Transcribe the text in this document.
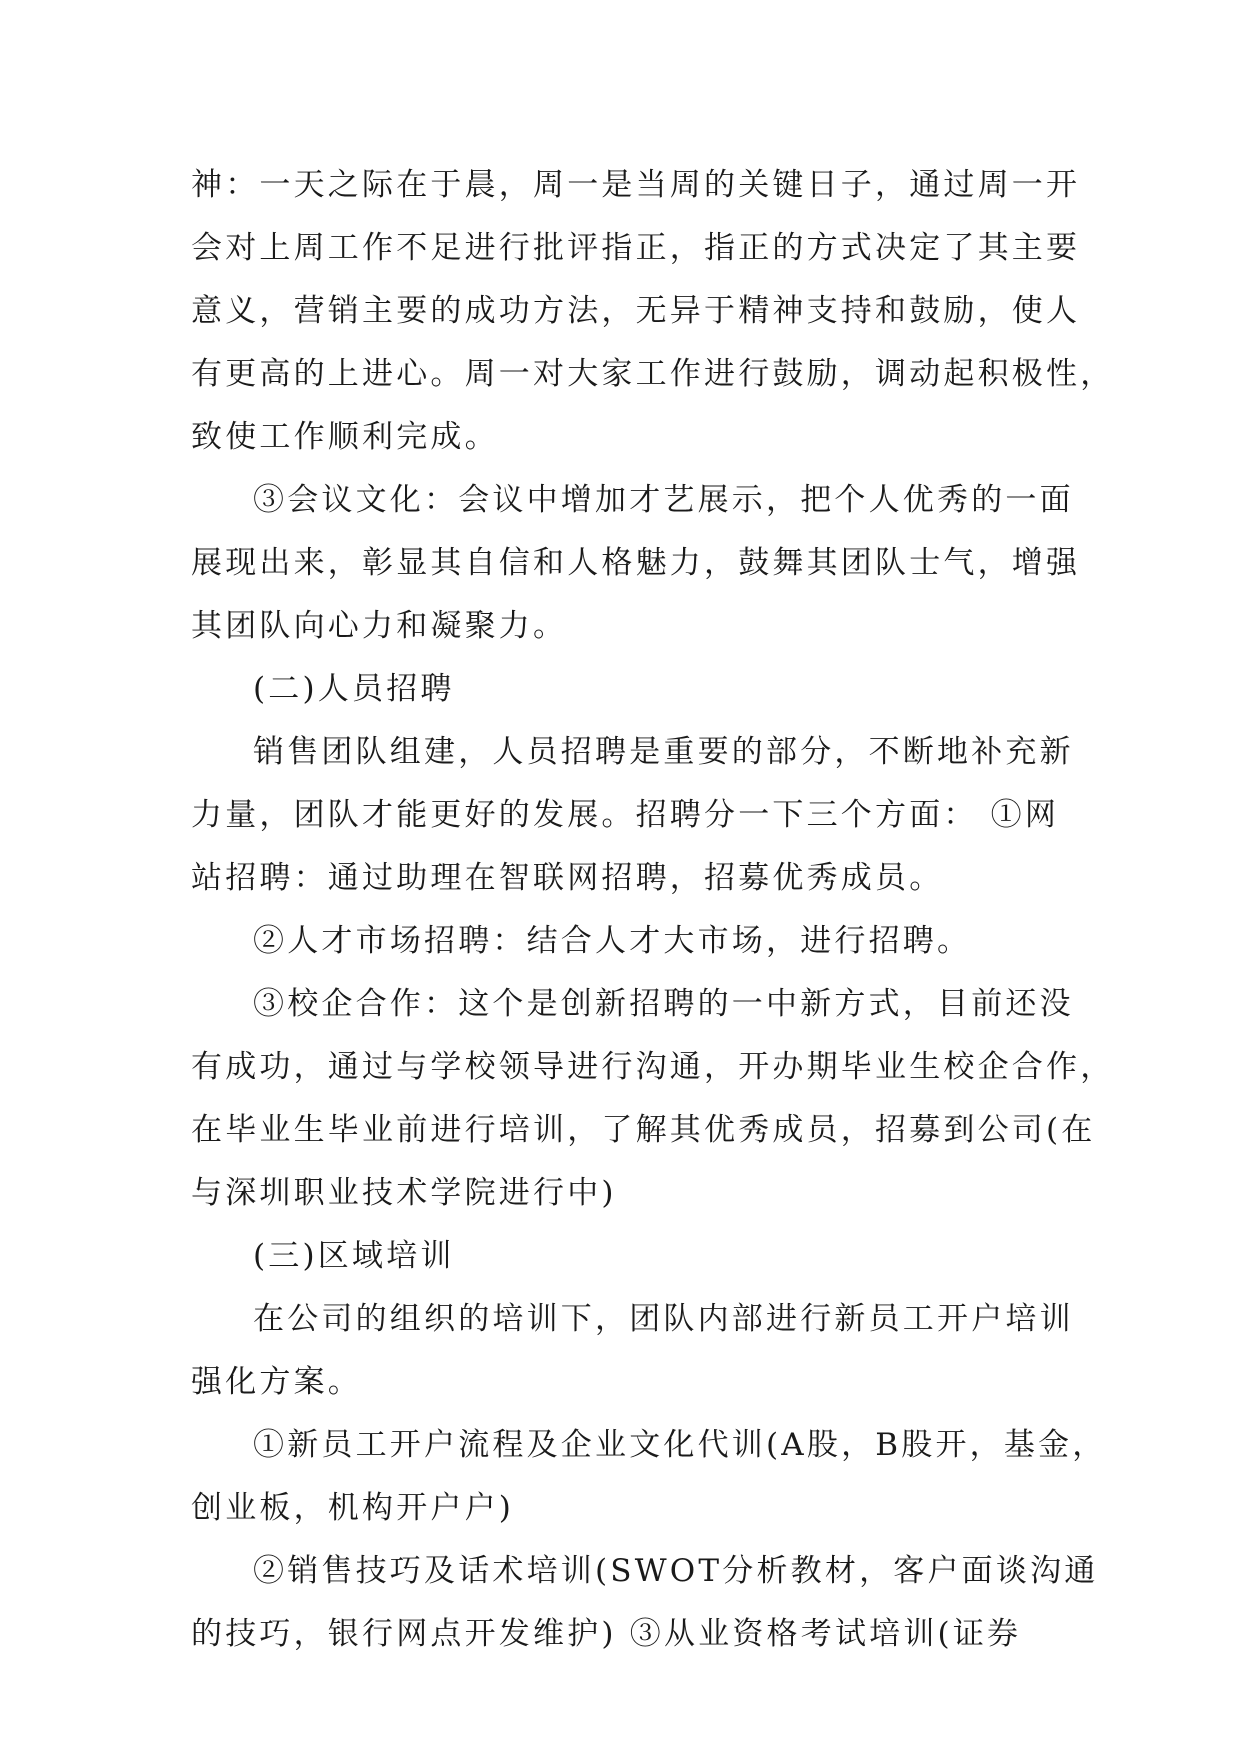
神：一天之际在于晨，周一是当周的关键日子，通过周一开
会对上周工作不足进行批评指正，指正的方式决定了其主要
意义，营销主要的成功方法，无异于精神支持和鼓励，使人
有更高的上进心。周一对大家工作进行鼓励，调动起积极性，
致使工作顺利完成。
③会议文化：会议中增加才艺展示，把个人优秀的一面
展现出来，彰显其自信和人格魅力，鼓舞其团队士气，增强
其团队向心力和凝聚力。
(二)人员招聘
销售团队组建，人员招聘是重要的部分，不断地补充新
力量，团队才能更好的发展。招聘分一下三个方面： ①网
站招聘：通过助理在智联网招聘，招募优秀成员。
②人才市场招聘：结合人才大市场，进行招聘。
③校企合作：这个是创新招聘的一中新方式，目前还没
有成功，通过与学校领导进行沟通，开办期毕业生校企合作，
在毕业生毕业前进行培训，了解其优秀成员，招募到公司(在
与深圳职业技术学院进行中)
(三)区域培训
在公司的组织的培训下，团队内部进行新员工开户培训
强化方案。
①新员工开户流程及企业文化代训(A股，B股开，基金，
创业板，机构开户户)
②销售技巧及话术培训(SWOT分析教材，客户面谈沟通
的技巧，银行网点开发维护) ③从业资格考试培训(证券
